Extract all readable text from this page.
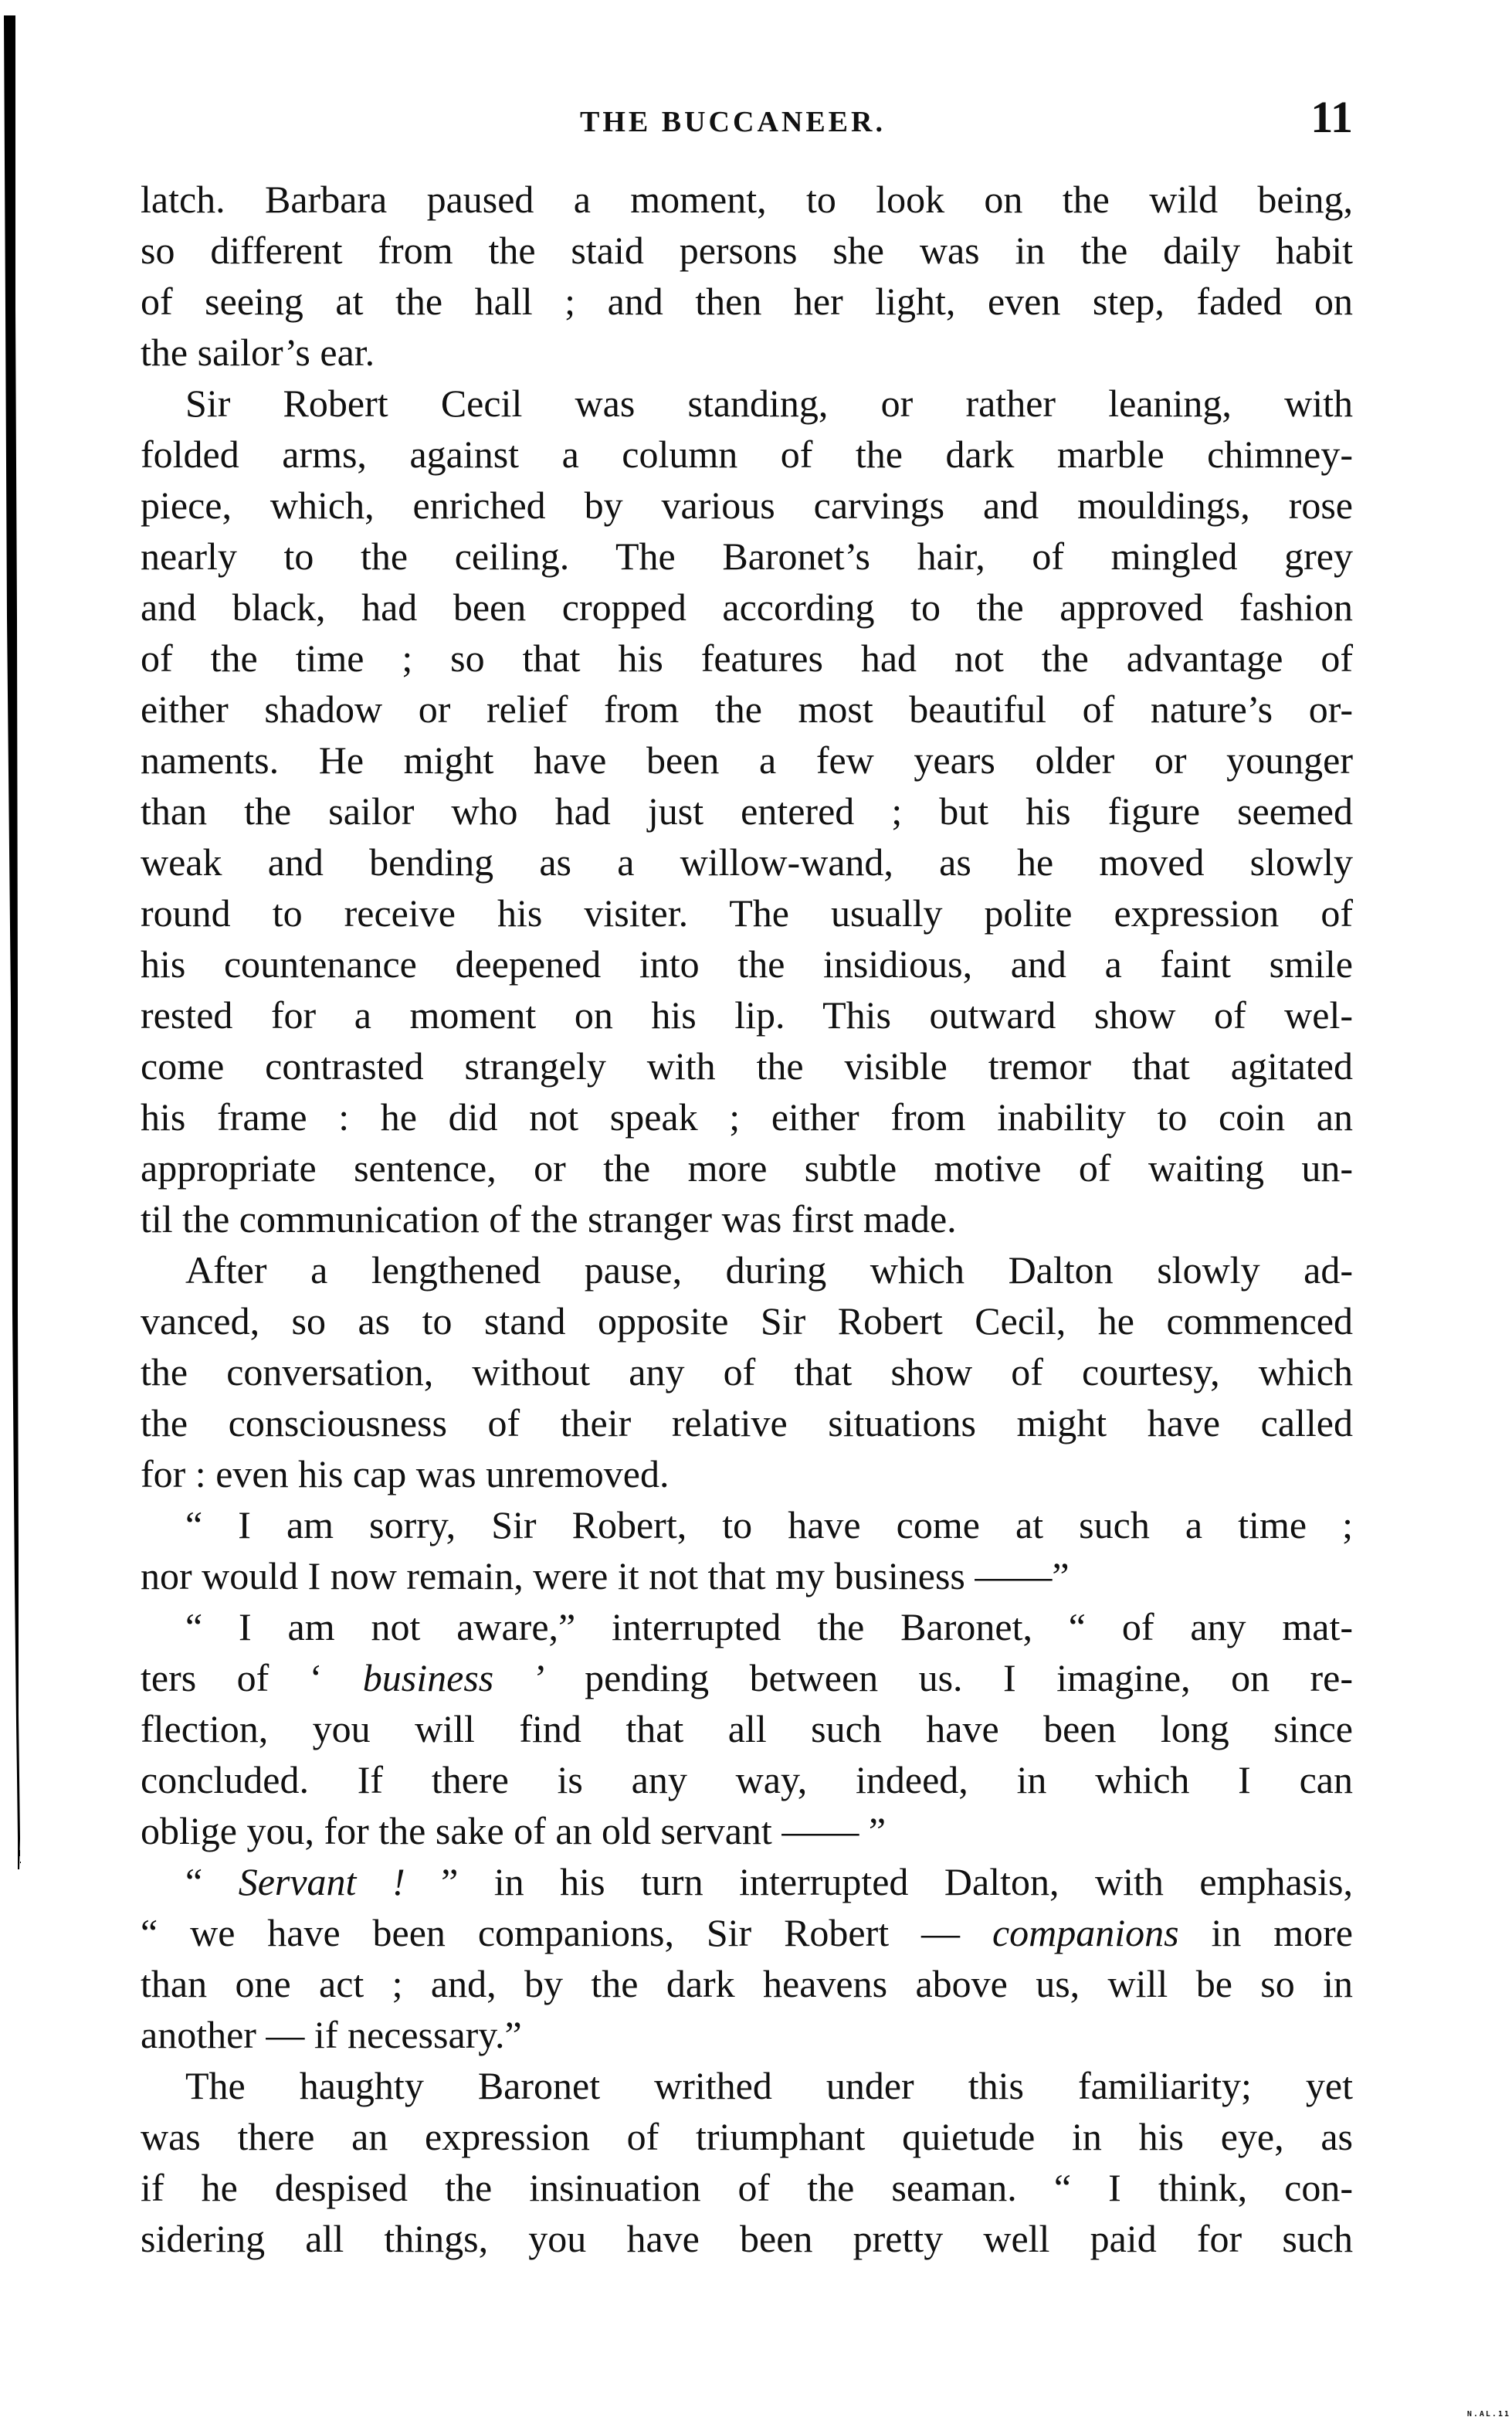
THE BUCCANEER.	11

latch. Barbara paused a moment, to look on the wild being,
so different from the staid persons she was in the daily habit
of seeing at the hall ; and then her light, even step, faded on
the sailor’s ear.

Sir Robert Cecil was standing, or rather leaning, with
folded arms, against a column of the dark marble chimney-
piece, which, enriched by various carvings and mouldings, rose
nearly to the ceiling. The Baronet’s hair, of mingled grey
and black, had been cropped according to the approved fashion
of the time ; so that his features had not the advantage of
either shadow or relief from the most beautiful of nature’s or-
naments. He might have been a few years older or younger
than the sailor who had just entered ; but his figure seemed
weak and bending as a willow-wand, as he moved slowly
round to receive his visiter. The usually polite expression of
his countenance deepened into the insidious, and a faint smile
rested for a moment on his lip. This outward show of wel-
come contrasted strangely with the visible tremor that agitated
his frame : he did not speak ; either from inability to coin an
appropriate sentence, or the more subtle motive of waiting un-
til the communication of the stranger was first made.

After a lengthened pause, during which Dalton slowly ad-
vanced, so as to stand opposite Sir Robert Cecil, he commenced
the conversation, without any of that show of courtesy, which
the consciousness of their relative situations might have called
for : even his cap was unremoved.

“ I am sorry, Sir Robert, to have come at such a time ;
nor would I now remain, were it not that my business ——”

“ I am not aware,” interrupted the Baronet, “ of any mat-
ters of ‘ business ’ pending between us. I imagine, on re-
flection, you will find that all such have been long since
concluded. If there is any way, indeed, in which I can
oblige you, for the sake of an old servant —— ”

“ Servant ! ” in his turn interrupted Dalton, with emphasis,
“ we have been companions, Sir Robert — companions in more
than one act ; and, by the dark heavens above us, will be so in
another — if necessary.”

The haughty Baronet writhed under this familiarity; yet
was there an expression of triumphant quietude in his eye, as
if he despised the insinuation of the seaman. “ I think, con-
sidering all things, you have been pretty well paid for such

N.AL.11
